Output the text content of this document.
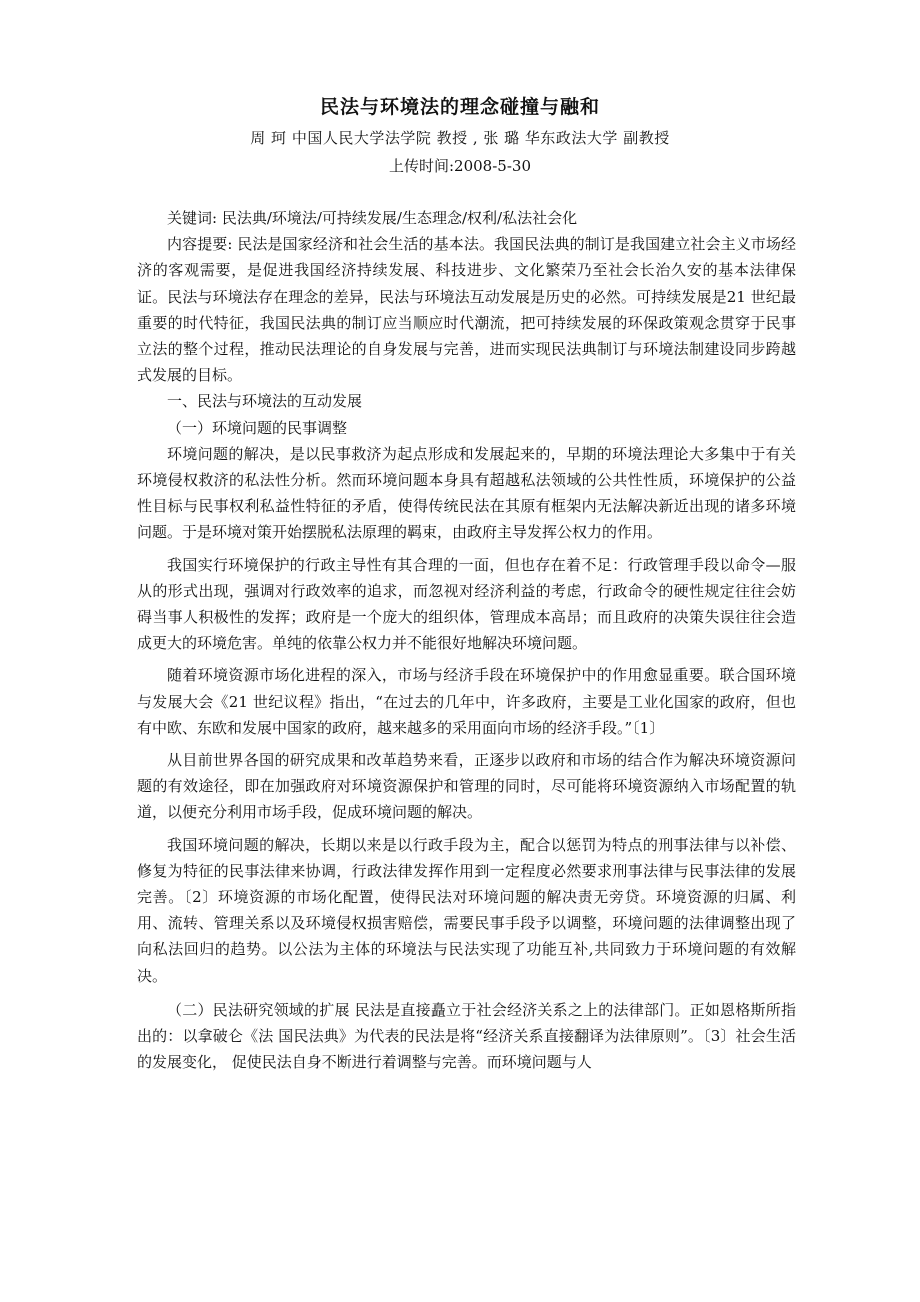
民法与环境法的理念碰撞与融和
周 珂 中国人民大学法学院 教授 , 张 璐 华东政法大学 副教授
上传时间:2008-5-30

关键词: 民法典/环境法/可持续发展/生态理念/权利/私法社会化

内容提要: 民法是国家经济和社会生活的基本法。我国民法典的制订是我国建立社会主义市场经济的客观需要，是促进我国经济持续发展、科技进步、文化繁荣乃至社会长治久安的基本法律保证。民法与环境法存在理念的差异，民法与环境法互动发展是历史的必然。可持续发展是21 世纪最重要的时代特征，我国民法典的制订应当顺应时代潮流，把可持续发展的环保政策观念贯穿于民事立法的整个过程，推动民法理论的自身发展与完善，进而实现民法典制订与环境法制建设同步跨越式发展的目标。

一、民法与环境法的互动发展

（一）环境问题的民事调整

环境问题的解决，是以民事救济为起点形成和发展起来的，早期的环境法理论大多集中于有关环境侵权救济的私法性分析。然而环境问题本身具有超越私法领域的公共性性质，环境保护的公益性目标与民事权利私益性特征的矛盾，使得传统民法在其原有框架内无法解决新近出现的诸多环境问题。于是环境对策开始摆脱私法原理的羁束，由政府主导发挥公权力的作用。

我国实行环境保护的行政主导性有其合理的一面，但也存在着不足：行政管理手段以命令—服从的形式出现，强调对行政效率的追求，而忽视对经济利益的考虑，行政命令的硬性规定往往会妨碍当事人积极性的发挥；政府是一个庞大的组织体，管理成本高昂；而且政府的决策失误往往会造成更大的环境危害。单纯的依靠公权力并不能很好地解决环境问题。

随着环境资源市场化进程的深入，市场与经济手段在环境保护中的作用愈显重要。联合国环境与发展大会《21 世纪议程》指出，“在过去的几年中，许多政府，主要是工业化国家的政府，但也有中欧、东欧和发展中国家的政府，越来越多的采用面向市场的经济手段。”〔1〕

从目前世界各国的研究成果和改革趋势来看，正逐步以政府和市场的结合作为解决环境资源问题的有效途径，即在加强政府对环境资源保护和管理的同时，尽可能将环境资源纳入市场配置的轨道，以便充分利用市场手段，促成环境问题的解决。

我国环境问题的解决，长期以来是以行政手段为主，配合以惩罚为特点的刑事法律与以补偿、修复为特征的民事法律来协调，行政法律发挥作用到一定程度必然要求刑事法律与民事法律的发展完善。〔2〕环境资源的市场化配置，使得民法对环境问题的解决责无旁贷。环境资源的归属、利用、流转、管理关系以及环境侵权损害赔偿，需要民事手段予以调整，环境问题的法律调整出现了向私法回归的趋势。以公法为主体的环境法与民法实现了功能互补,共同致力于环境问题的有效解决。

（二）民法研究领域的扩展 民法是直接矗立于社会经济关系之上的法律部门。正如恩格斯所指出的：以拿破仑《法 国民法典》为代表的民法是将“经济关系直接翻译为法律原则”。〔3〕社会生活的发展变化， 促使民法自身不断进行着调整与完善。而环境问题与人
